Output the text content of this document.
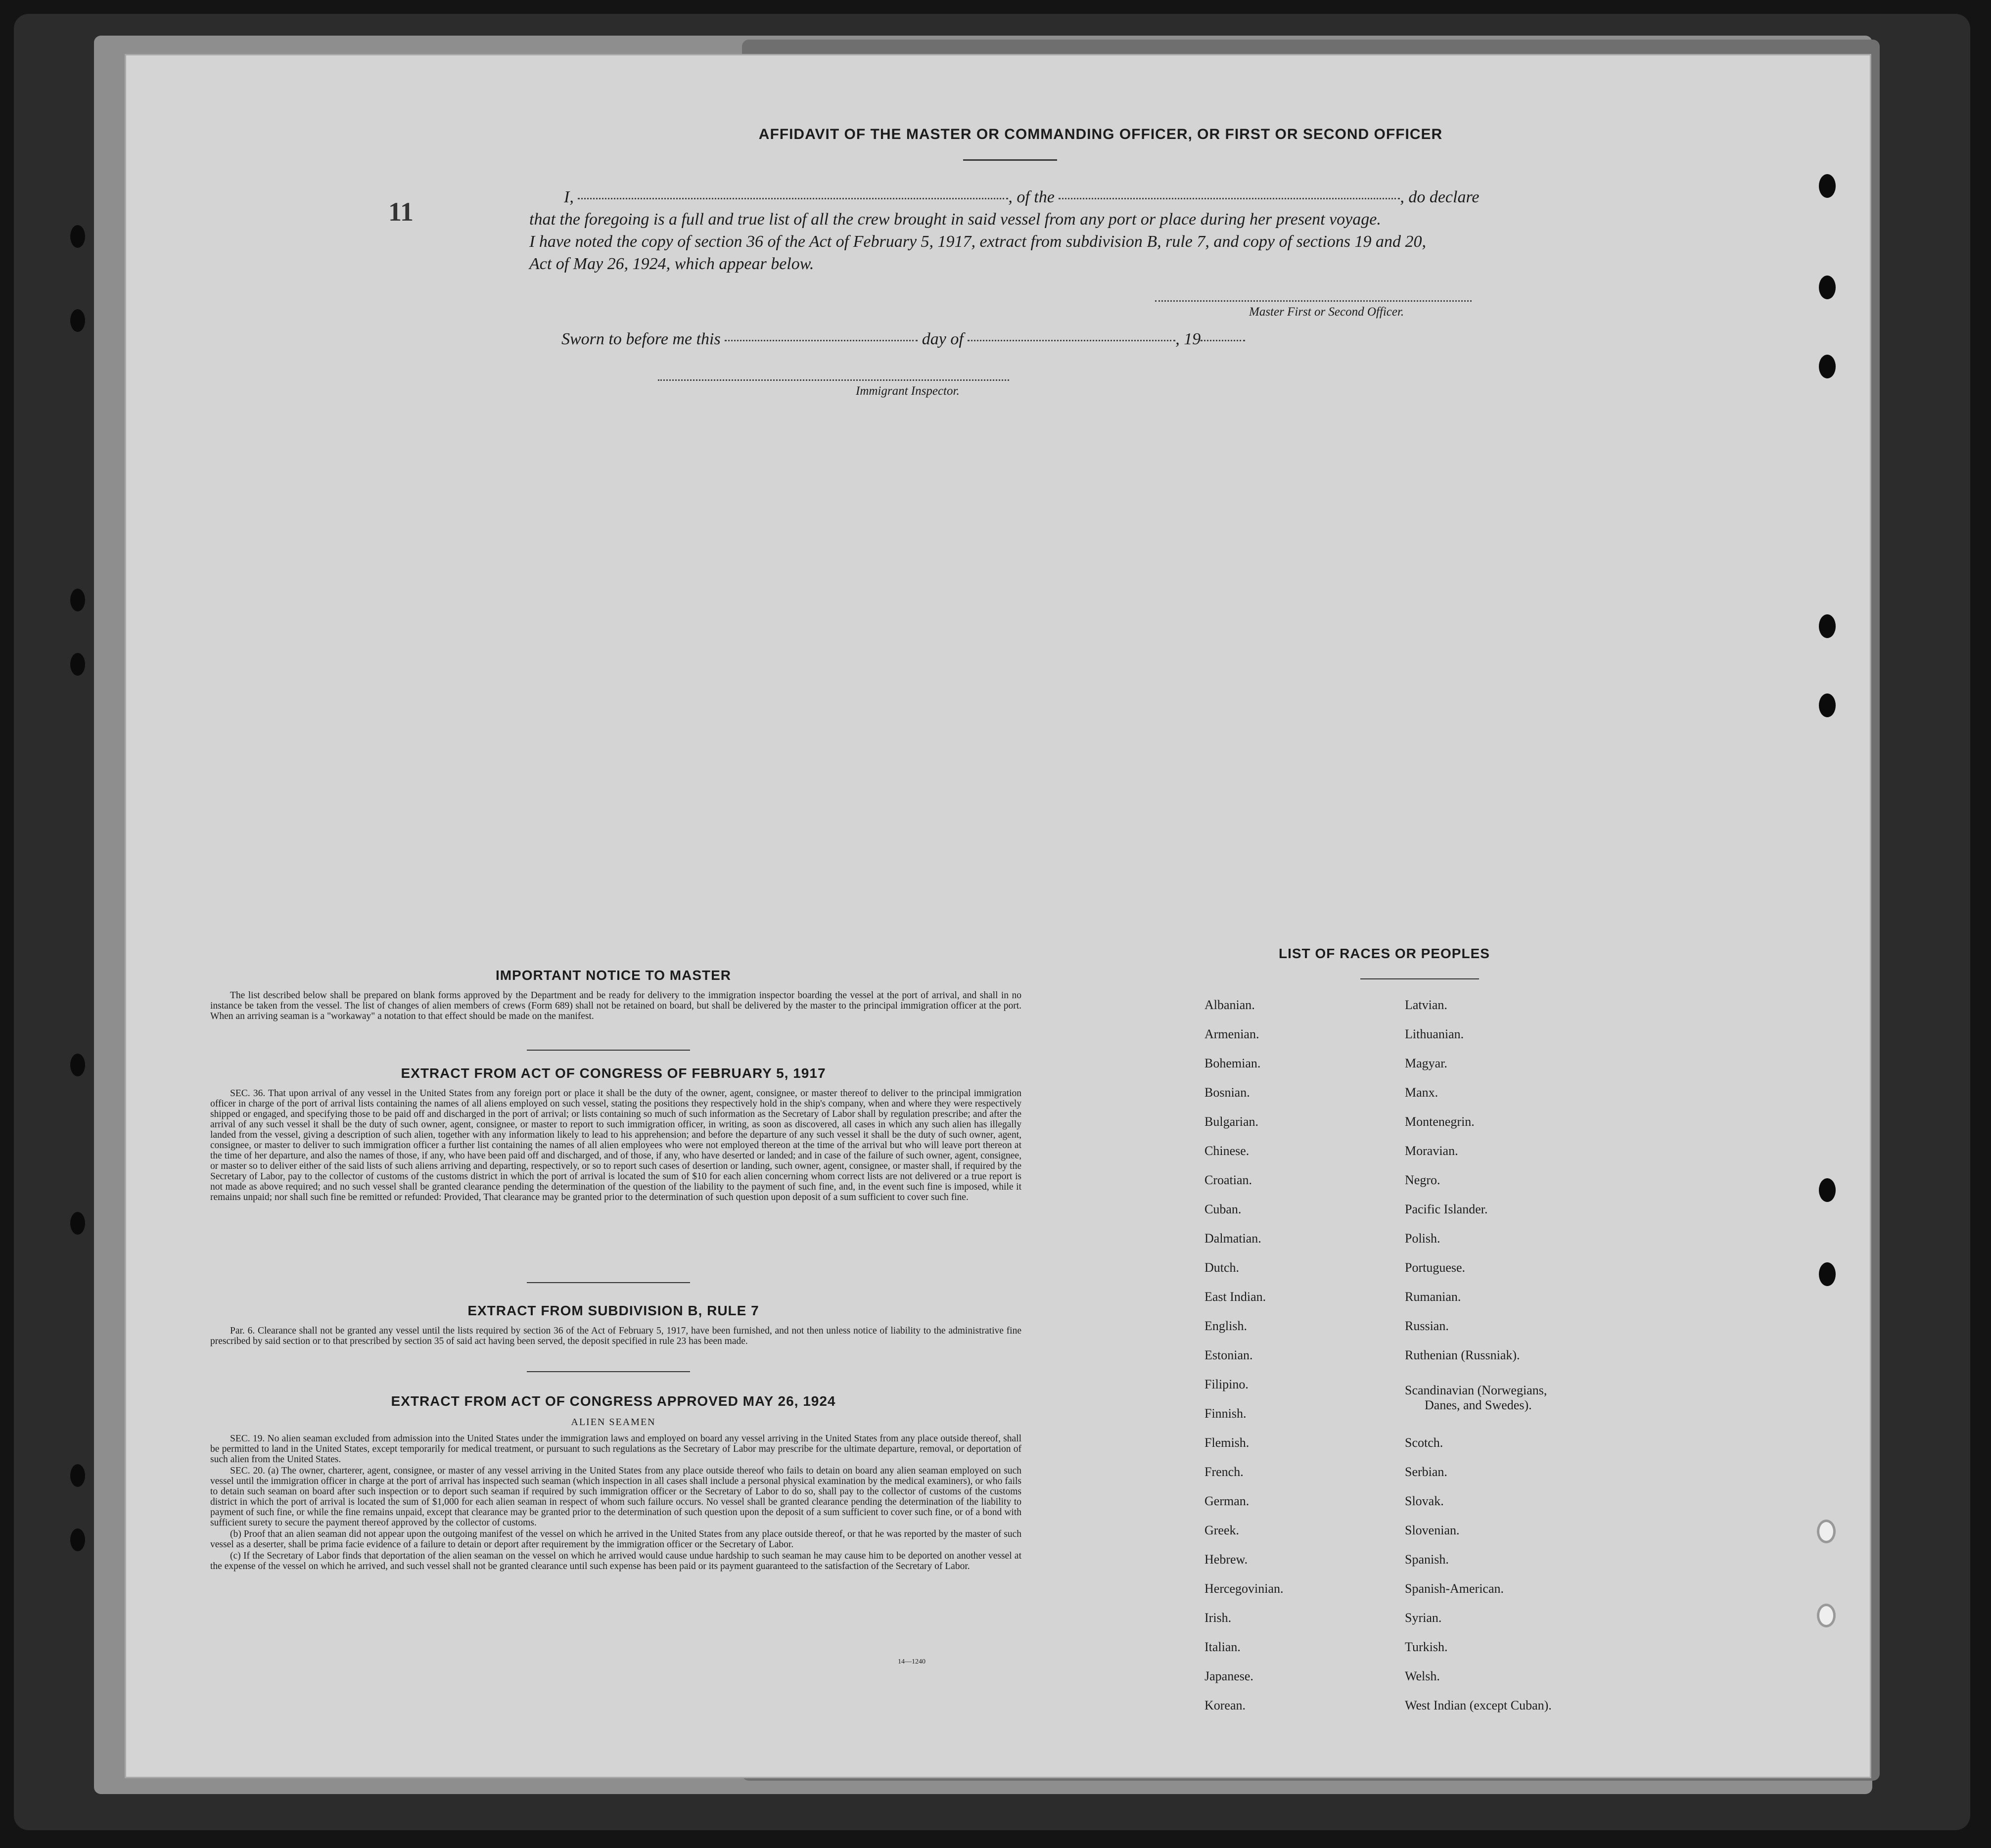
AFFIDAVIT OF THE MASTER OR COMMANDING OFFICER, OR FIRST OR SECOND OFFICER
11	I,	, of the	, do declare
that the foregoing is a full and true list of all the crew brought in said vessel from any port or place during her present voyage.
I have noted the copy of section 36 of the Act of February 5, 1917, extract from subdivision B, rule 7, and copy of sections 19 and 20,
Act of May 26, 1924, which appear below.
Master First or Second Officer.
Sworn to before me this	day of	, 19
Immigrant Inspector.
IMPORTANT NOTICE TO MASTER

The list described below shall be prepared on blank forms approved by the Department and be ready for delivery to the immigration inspector boarding the vessel at the port of arrival, and shall in no instance be taken from the vessel. The list of changes of alien members of crews (Form 689) shall not be retained on board, but shall be delivered by the master to the principal immigration officer at the port. When an arriving seaman is a "workaway" a notation to that effect should be made on the manifest.

EXTRACT FROM ACT OF CONGRESS OF FEBRUARY 5, 1917

SEC. 36. That upon arrival of any vessel in the United States from any foreign port or place it shall be the duty of the owner, agent, consignee, or master thereof to deliver to the principal immigration officer in charge of the port of arrival lists containing the names of all aliens employed on such vessel, stating the positions they respectively hold in the ship's company, when and where they were respectively shipped or engaged, and specifying those to be paid off and discharged in the port of arrival; or lists containing so much of such information as the Secretary of Labor shall by regulation prescribe; and after the arrival of any such vessel it shall be the duty of such owner, agent, consignee, or master to report to such immigration officer, in writing, as soon as discovered, all cases in which any such alien has illegally landed from the vessel, giving a description of such alien, together with any information likely to lead to his apprehension; and before the departure of any such vessel it shall be the duty of such owner, agent, consignee, or master to deliver to such immigration officer a further list containing the names of all alien employees who were not employed thereon at the time of the arrival but who will leave port thereon at the time of her departure, and also the names of those, if any, who have been paid off and discharged, and of those, if any, who have deserted or landed; and in case of the failure of such owner, agent, consignee, or master so to deliver either of the said lists of such aliens arriving and departing, respectively, or so to report such cases of desertion or landing, such owner, agent, consignee, or master shall, if required by the Secretary of Labor, pay to the collector of customs of the customs district in which the port of arrival is located the sum of $10 for each alien concerning whom correct lists are not delivered or a true report is not made as above required; and no such vessel shall be granted clearance pending the determination of the question of the liability to the payment of such fine, and, in the event such fine is imposed, while it remains unpaid; nor shall such fine be remitted or refunded: Provided, That clearance may be granted prior to the determination of such question upon deposit of a sum sufficient to cover such fine.

EXTRACT FROM SUBDIVISION B, RULE 7

Par. 6. Clearance shall not be granted any vessel until the lists required by section 36 of the Act of February 5, 1917, have been furnished, and not then unless notice of liability to the administrative fine prescribed by said section or to that prescribed by section 35 of said act having been served, the deposit specified in rule 23 has been made.

EXTRACT FROM ACT OF CONGRESS APPROVED MAY 26, 1924
ALIEN SEAMEN

SEC. 19. No alien seaman excluded from admission into the United States under the immigration laws and employed on board any vessel arriving in the United States from any place outside thereof, shall be permitted to land in the United States, except temporarily for medical treatment, or pursuant to such regulations as the Secretary of Labor may prescribe for the ultimate departure, removal, or deportation of such alien from the United States.

SEC. 20. (a) The owner, charterer, agent, consignee, or master of any vessel arriving in the United States from any place outside thereof who fails to detain on board any alien seaman employed on such vessel until the immigration officer in charge at the port of arrival has inspected such seaman (which inspection in all cases shall include a personal physical examination by the medical examiners), or who fails to detain such seaman on board after such inspection or to deport such seaman if required by such immigration officer or the Secretary of Labor to do so, shall pay to the collector of customs of the customs district in which the port of arrival is located the sum of $1,000 for each alien seaman in respect of whom such failure occurs. No vessel shall be granted clearance pending the determination of the liability to payment of such fine, or while the fine remains unpaid, except that clearance may be granted prior to the determination of such question upon the deposit of a sum sufficient to cover such fine, or of a bond with sufficient surety to secure the payment thereof approved by the collector of customs.

(b) Proof that an alien seaman did not appear upon the outgoing manifest of the vessel on which he arrived in the United States from any place outside thereof, or that he was reported by the master of such vessel as a deserter, shall be prima facie evidence of a failure to detain or deport after requirement by the immigration officer or the Secretary of Labor.

(c) If the Secretary of Labor finds that deportation of the alien seaman on the vessel on which he arrived would cause undue hardship to such seaman he may cause him to be deported on another vessel at the expense of the vessel on which he arrived, and such vessel shall not be granted clearance until such expense has been paid or its payment guaranteed to the satisfaction of the Secretary of Labor.

14—1240
LIST OF RACES OR PEOPLES
Albanian.
Armenian.
Bohemian.
Bosnian.
Bulgarian.
Chinese.
Croatian.
Cuban.
Dalmatian.
Dutch.
East Indian.
English.
Estonian.
Filipino.
Finnish.
Flemish.
French.
German.
Greek.
Hebrew.
Hercegovinian.
Irish.
Italian.
Japanese.
Korean.
Latvian.
Lithuanian.
Magyar.
Manx.
Montenegrin.
Moravian.
Negro.
Pacific Islander.
Polish.
Portuguese.
Rumanian.
Russian.
Ruthenian (Russniak).
Scandinavian (Norwegians,
Danes, and Swedes).
Scotch.
Serbian.
Slovak.
Slovenian.
Spanish.
Spanish-American.
Syrian.
Turkish.
Welsh.
West Indian (except Cuban).
